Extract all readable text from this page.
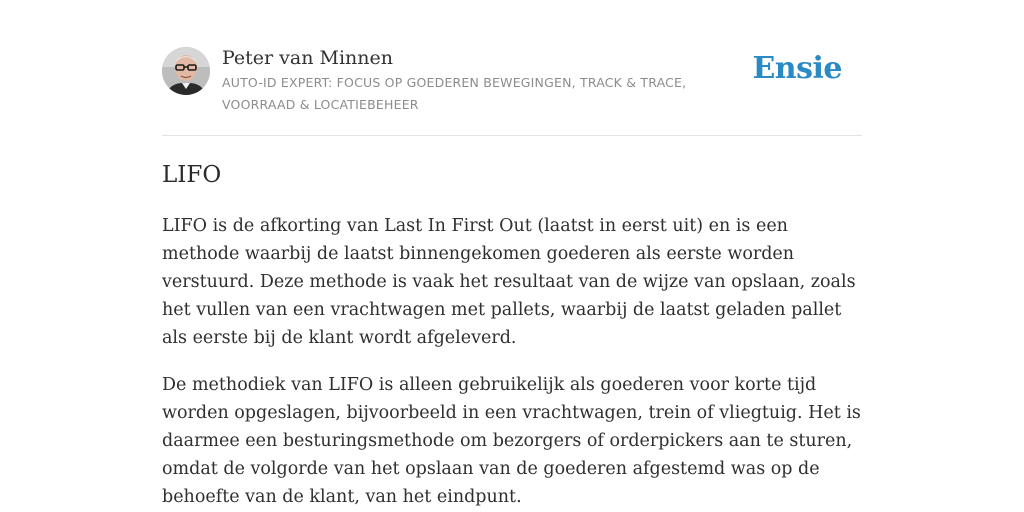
Peter van Minnen
AUTO-ID EXPERT: FOCUS OP GOEDEREN BEWEGINGEN, TRACK & TRACE, VOORRAAD & LOCATIEBEHEER
Ensie
LIFO

LIFO is de afkorting van Last In First Out (laatst in eerst uit) en is een methode waarbij de laatst binnengekomen goederen als eerste worden verstuurd. Deze methode is vaak het resultaat van de wijze van opslaan, zoals het vullen van een vrachtwagen met pallets, waarbij de laatst geladen pallet als eerste bij de klant wordt afgeleverd.

De methodiek van LIFO is alleen gebruikelijk als goederen voor korte tijd worden opgeslagen, bijvoorbeeld in een vrachtwagen, trein of vliegtuig. Het is daarmee een besturingsmethode om bezorgers of orderpickers aan te sturen, omdat de volgorde van het opslaan van de goederen afgestemd was op de behoefte van de klant, van het eindpunt.
